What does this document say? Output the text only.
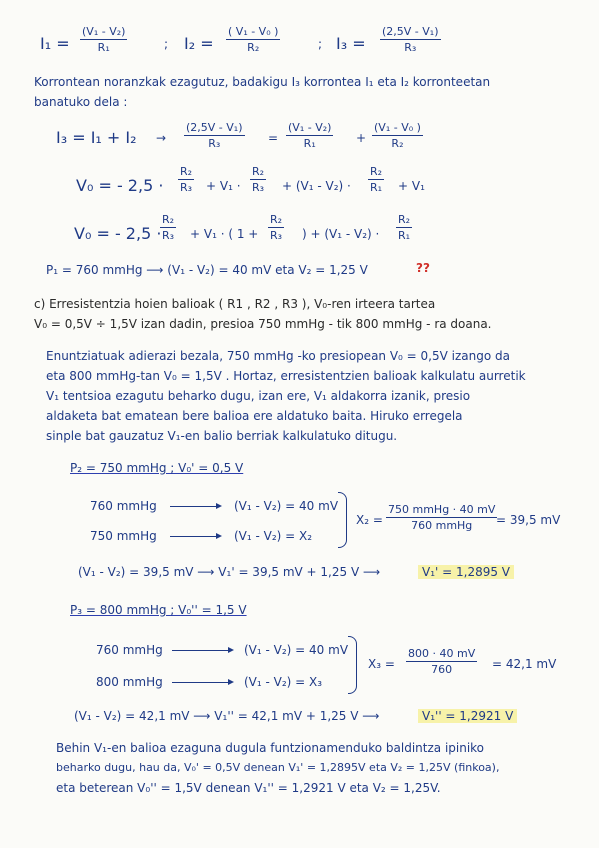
I₁ =
(V₁ - V₂)
R₁	; I₂ =
( V₁ - V₀ )
R₂	; I₃ =
(2,5V - V₁)
R₃
Korrontean noranzkak ezagutuz, badakigu I₃ korrontea I₁ eta I₂ korronteetan
banatuko dela :
I₃ = I₁ + I₂ →
(2,5V - V₁)
R₃	=
(V₁ - V₂)
R₁	+
(V₁ - V₀ )
R₂
V₀ = - 2,5 ·
R₂
R₃ + V₁ ·
R₂
R₃ + (V₁ - V₂) ·
R₂
R₁ + V₁
V₀ = - 2,5 ·
R₂
R₃ + V₁ · ( 1 +
R₂
R₃ ) + (V₁ - V₂) ·
R₂
R₁
P₁ = 760 mmHg ⟶ (V₁ - V₂) = 40 mV eta V₂ = 1,25 V	??
c) Erresistentzia hoien balioak ( R1 , R2 , R3 ), V₀-ren irteera tartea
V₀ = 0,5V ÷ 1,5V izan dadin, presioa 750 mmHg - tik 800 mmHg - ra doana.
Enuntziatuak adierazi bezala, 750 mmHg -ko presiopean V₀ = 0,5V izango da
eta 800 mmHg-tan V₀ = 1,5V . Hortaz, erresistentzien balioak kalkulatu aurretik
V₁ tentsioa ezagutu beharko dugu, izan ere, V₁ aldakorra izanik, presio
aldaketa bat ematean bere balioa ere aldatuko baita. Hiruko erregela
sinple bat gauzatuz V₁-en balio berriak kalkulatuko ditugu.
P₂ = 750 mmHg ; V₀' = 0,5 V
760 mmHg	(V₁ - V₂) = 40 mV
750 mmHg	(V₁ - V₂) = X₂
X₂ =
750 mmHg · 40 mV
760 mmHg = 39,5 mV
(V₁ - V₂) = 39,5 mV ⟶ V₁' = 39,5 mV + 1,25 V ⟶	V₁' = 1,2895 V
P₃ = 800 mmHg ; V₀'' = 1,5 V
760 mmHg	(V₁ - V₂) = 40 mV
800 mmHg	(V₁ - V₂) = X₃
X₃ =
800 · 40 mV
760	= 42,1 mV
(V₁ - V₂) = 42,1 mV ⟶ V₁'' = 42,1 mV + 1,25 V ⟶	V₁'' = 1,2921 V
Behin V₁-en balioa ezaguna dugula funtzionamenduko baldintza ipiniko
beharko dugu, hau da, V₀' = 0,5V denean V₁' = 1,2895V eta V₂ = 1,25V (finkoa),
eta beterean V₀'' = 1,5V denean V₁'' = 1,2921 V eta V₂ = 1,25V.
